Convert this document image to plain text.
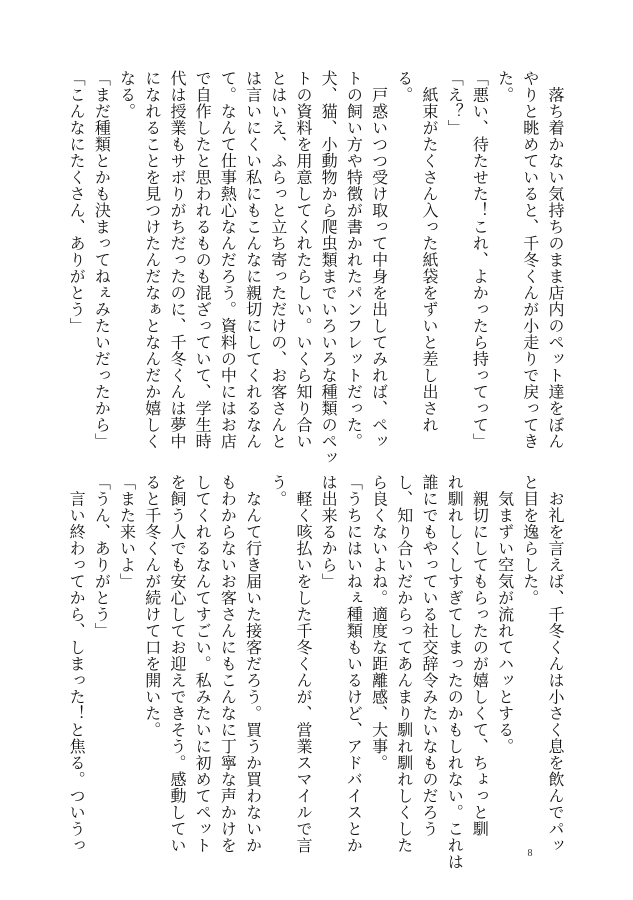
　落ち着かない気持ちのまま店内のペット達をぼん
やりと眺めていると、千冬くんが小走りで戻ってき
た。
「悪い、待たせた！これ、よかったら持ってって」
「え？」
　紙束がたくさん入った紙袋をずいと差し出され
る。
　戸惑いつつ受け取って中身を出してみれば、ペッ
トの飼い方や特徴が書かれたパンフレットだった。
犬、猫、小動物から爬虫類までいろいろな種類のペッ
トの資料を用意してくれたらしい。いくら知り合い
とはいえ、ふらっと立ち寄っただけの、お客さんと
は言いにくい私にもこんなに親切にしてくれるなん
て。なんて仕事熱心なんだろう。資料の中にはお店
で自作したと思われるものも混ざっていて、学生時
代は授業もサボりがちだったのに、千冬くんは夢中
になれることを見つけたんだなぁとなんだか嬉しく
なる。
「まだ種類とかも決まってねぇみたいだったから」
「こんなにたくさん、ありがとう」
　お礼を言えば、千冬くんは小さく息を飲んでパッ
と目を逸らした。
　気まずい空気が流れてハッとする。
　親切にしてもらったのが嬉しくて、ちょっと馴
れ馴れしくしすぎてしまったのかもしれない。これは
誰にでもやっている社交辞令みたいなものだろう
し、知り合いだからってあんまり馴れ馴れしくした
ら良くないよね。適度な距離感、大事。
「うちにはいねぇ種類もいるけど、アドバイスとか
は出来るから」
　軽く咳払いをした千冬くんが、営業スマイルで言
う。
　なんて行き届いた接客だろう。買うか買わないか
もわからないお客さんにもこんなに丁寧な声かけを
してくれるなんてすごい。私みたいに初めてペット
を飼う人でも安心してお迎えできそう。感動してい
ると千冬くんが続けて口を開いた。
「また来いよ」
「うん、ありがとう」
　言い終わってから、しまった！と焦る。ついうっ	8
